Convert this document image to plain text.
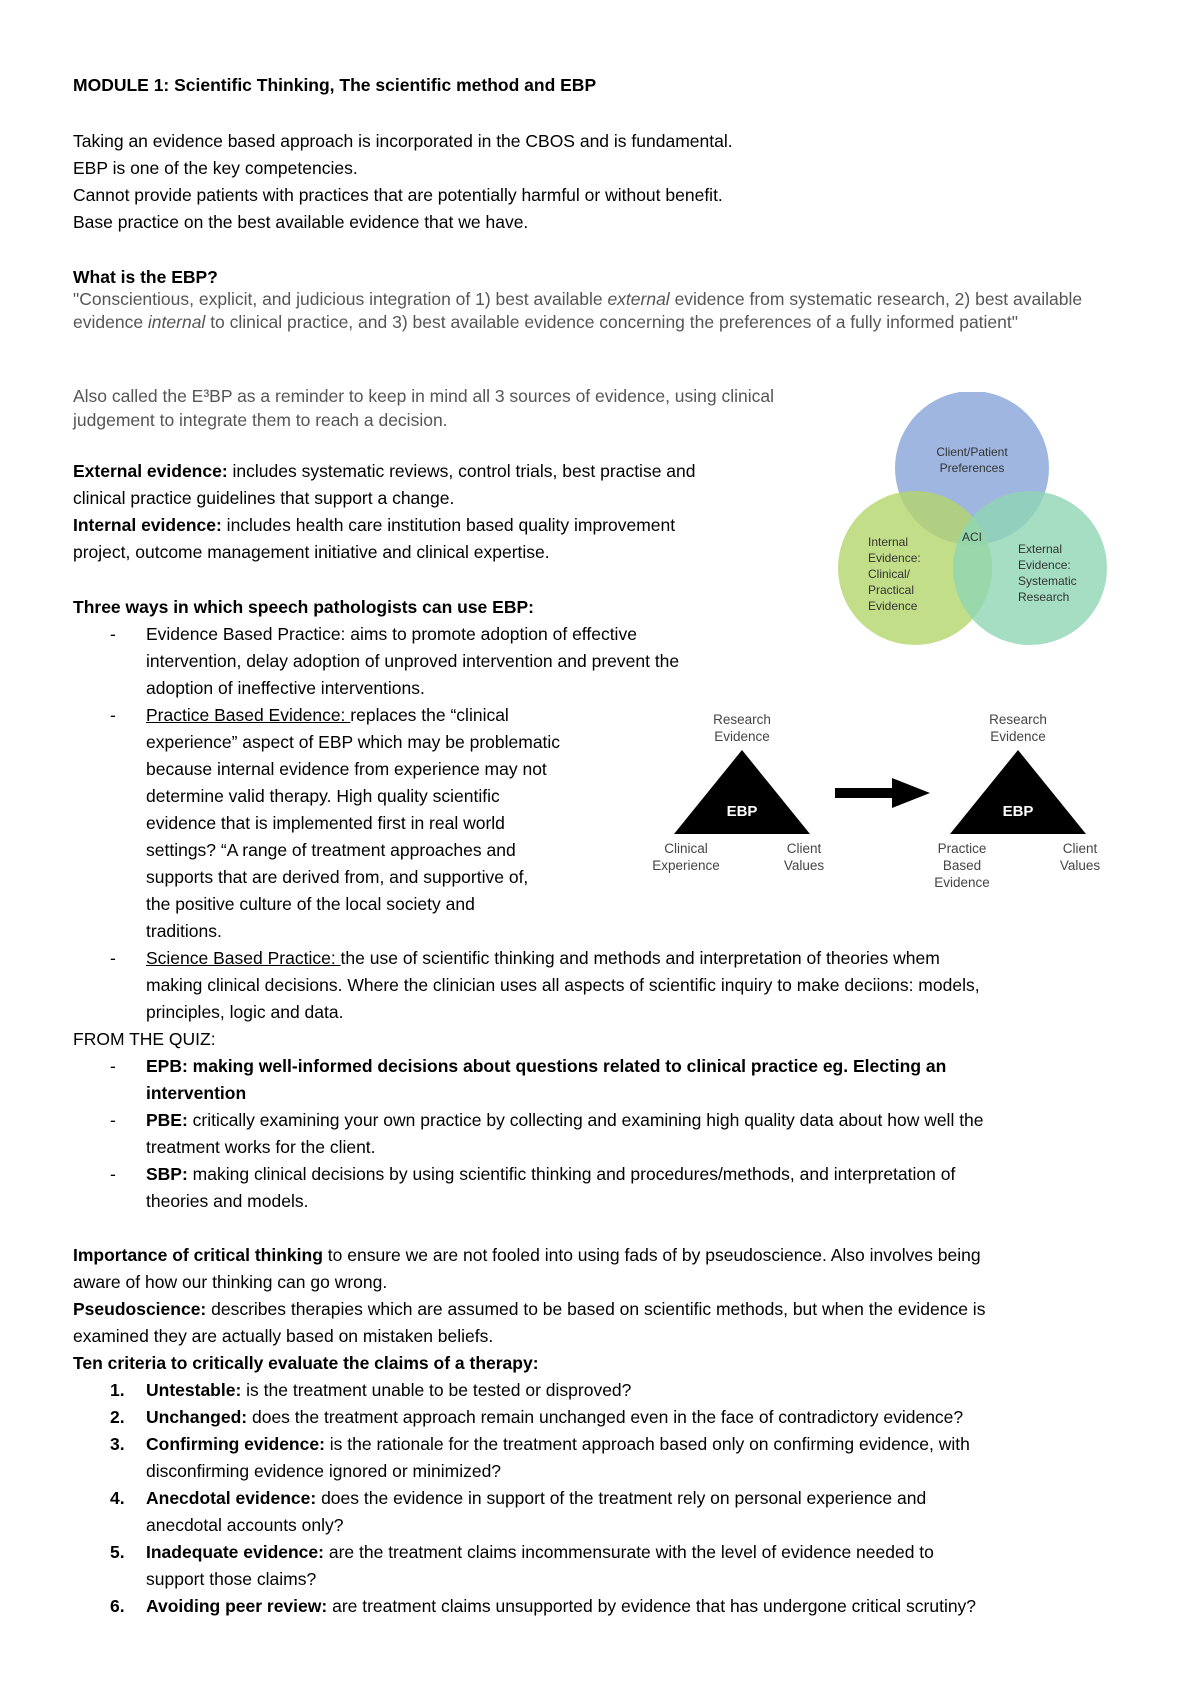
MODULE 1: Scientific Thinking, The scientific method and EBP
Taking an evidence based approach is incorporated in the CBOS and is fundamental.
EBP is one of the key competencies.
Cannot provide patients with practices that are potentially harmful or without benefit.
Base practice on the best available evidence that we have.
What is the EBP?
"Conscientious, explicit, and judicious integration of 1) best available external evidence from systematic research, 2) best available evidence internal to clinical practice, and 3) best available evidence concerning the preferences of a fully informed patient"
Also called the E³BP as a reminder to keep in mind all 3 sources of evidence, using clinical judgement to integrate them to reach a decision.
External evidence: includes systematic reviews, control trials, best practise and
clinical practice guidelines that support a change.
Internal evidence: includes health care institution based quality improvement
project, outcome management initiative and clinical expertise.
Client/Patient
Preferences
ACI
Internal
Evidence:
Clinical/
Practical
Evidence
External
Evidence:
Systematic
Research
Three ways in which speech pathologists can use EBP:
- Evidence Based Practice: aims to promote adoption of effective
intervention, delay adoption of unproved intervention and prevent the
adoption of ineffective interventions.
- Practice Based Evidence: replaces the “clinical
experience” aspect of EBP which may be problematic
because internal evidence from experience may not
determine valid therapy. High quality scientific
evidence that is implemented first in real world
settings? “A range of treatment approaches and
supports that are derived from, and supportive of,
the positive culture of the local society and
traditions.
Research
Evidence
Research
Evidence
EBP	EBP
Clinical
Experience
Client
Values
Practice
Based
Evidence
Client
Values
- Science Based Practice: the use of scientific thinking and methods and interpretation of theories whem
making clinical decisions. Where the clinician uses all aspects of scientific inquiry to make deciions: models,
principles, logic and data.
FROM THE QUIZ:
- EPB: making well-informed decisions about questions related to clinical practice eg. Electing an
intervention
- PBE: critically examining your own practice by collecting and examining high quality data about how well the
treatment works for the client.
- SBP: making clinical decisions by using scientific thinking and procedures/methods, and interpretation of
theories and models.
Importance of critical thinking to ensure we are not fooled into using fads of by pseudoscience. Also involves being
aware of how our thinking can go wrong.
Pseudoscience: describes therapies which are assumed to be based on scientific methods, but when the evidence is
examined they are actually based on mistaken beliefs.
Ten criteria to critically evaluate the claims of a therapy:
1. Untestable: is the treatment unable to be tested or disproved?
2. Unchanged: does the treatment approach remain unchanged even in the face of contradictory evidence?
3. Confirming evidence: is the rationale for the treatment approach based only on confirming evidence, with
disconfirming evidence ignored or minimized?
4. Anecdotal evidence: does the evidence in support of the treatment rely on personal experience and
anecdotal accounts only?
5. Inadequate evidence: are the treatment claims incommensurate with the level of evidence needed to
support those claims?
6. Avoiding peer review: are treatment claims unsupported by evidence that has undergone critical scrutiny?
